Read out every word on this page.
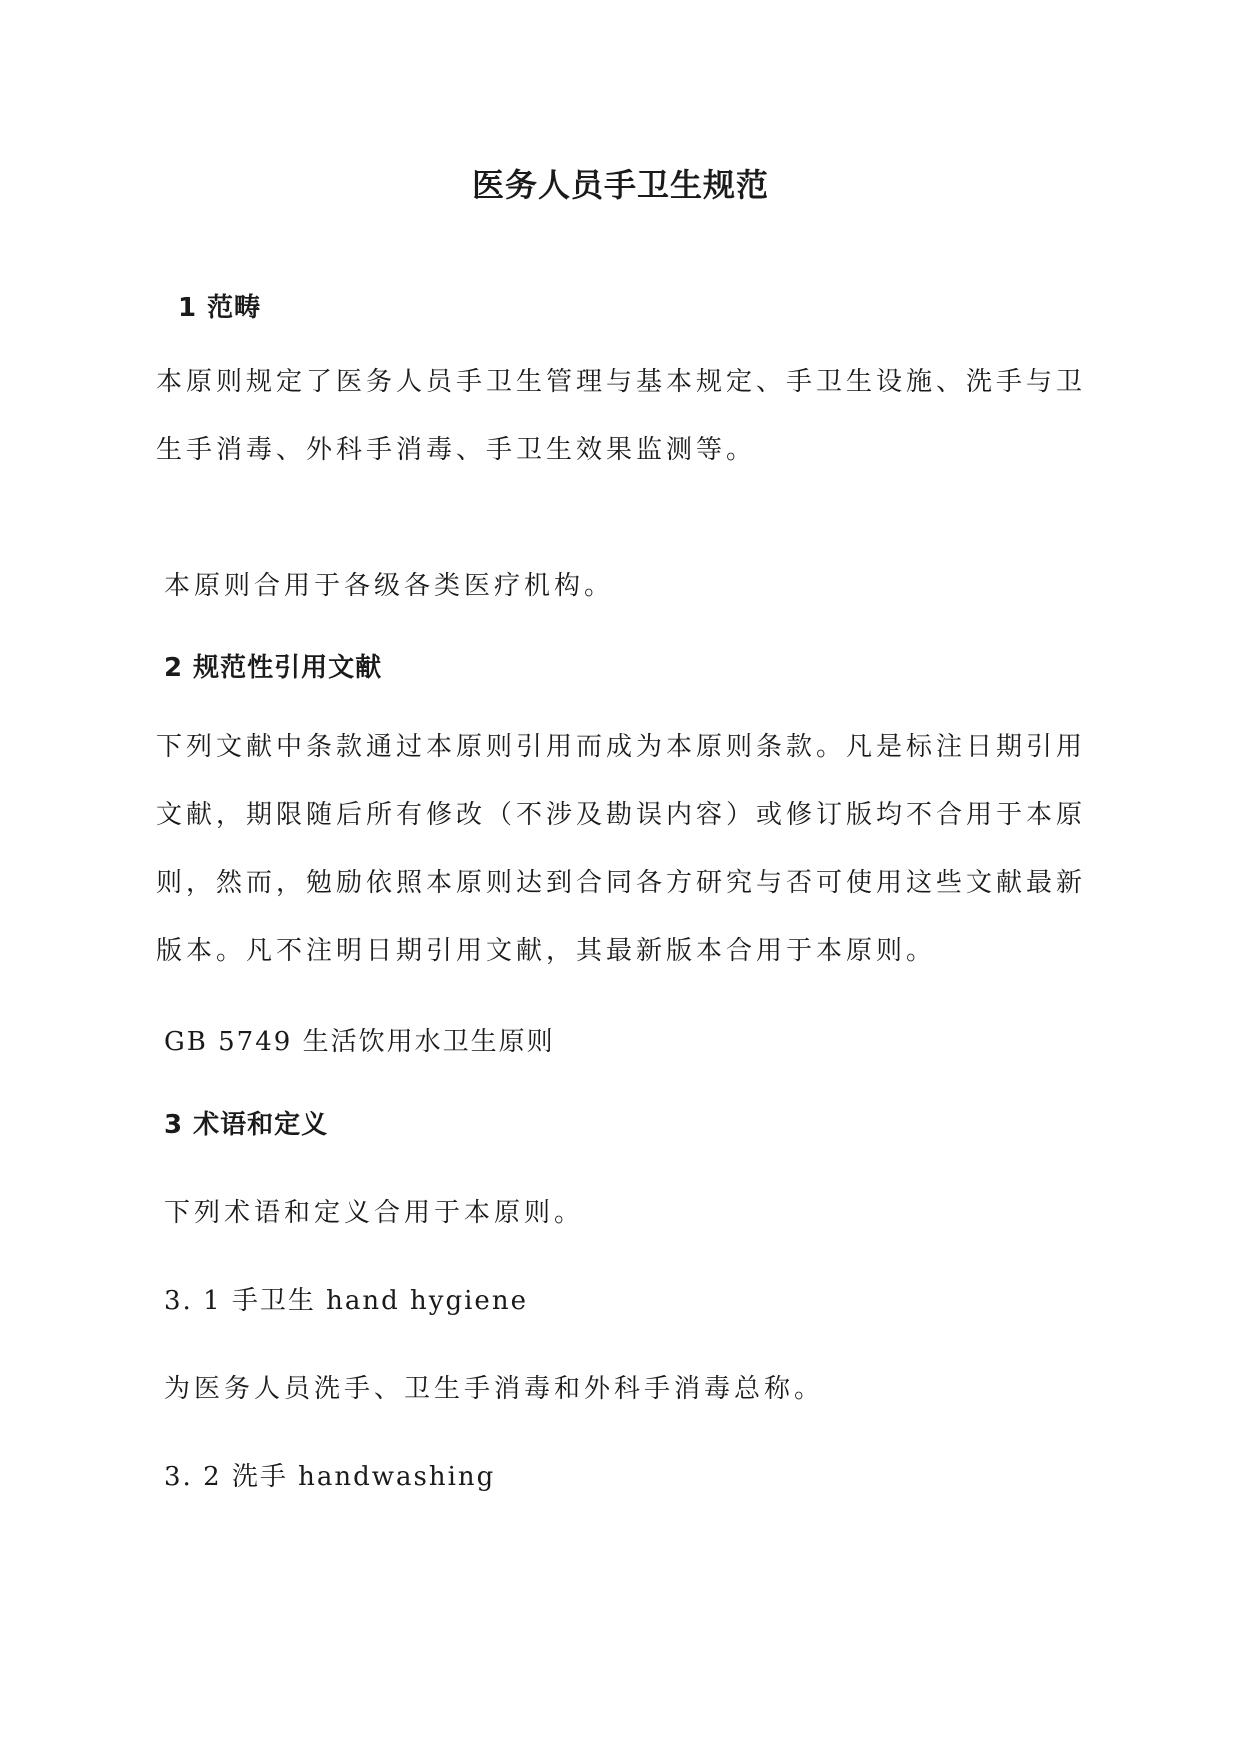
医务人员手卫生规范
1 范畴
本原则规定了医务人员手卫生管理与基本规定、手卫生设施、洗手与卫生手消毒、外科手消毒、手卫生效果监测等。
本原则合用于各级各类医疗机构。
2 规范性引用文献
下列文献中条款通过本原则引用而成为本原则条款。凡是标注日期引用文献，期限随后所有修改（不涉及勘误内容）或修订版均不合用于本原则，然而，勉励依照本原则达到合同各方研究与否可使用这些文献最新版本。凡不注明日期引用文献，其最新版本合用于本原则。
GB 5749 生活饮用水卫生原则
3 术语和定义
下列术语和定义合用于本原则。
3. 1 手卫生 hand hygiene
为医务人员洗手、卫生手消毒和外科手消毒总称。
3. 2 洗手 handwashing
